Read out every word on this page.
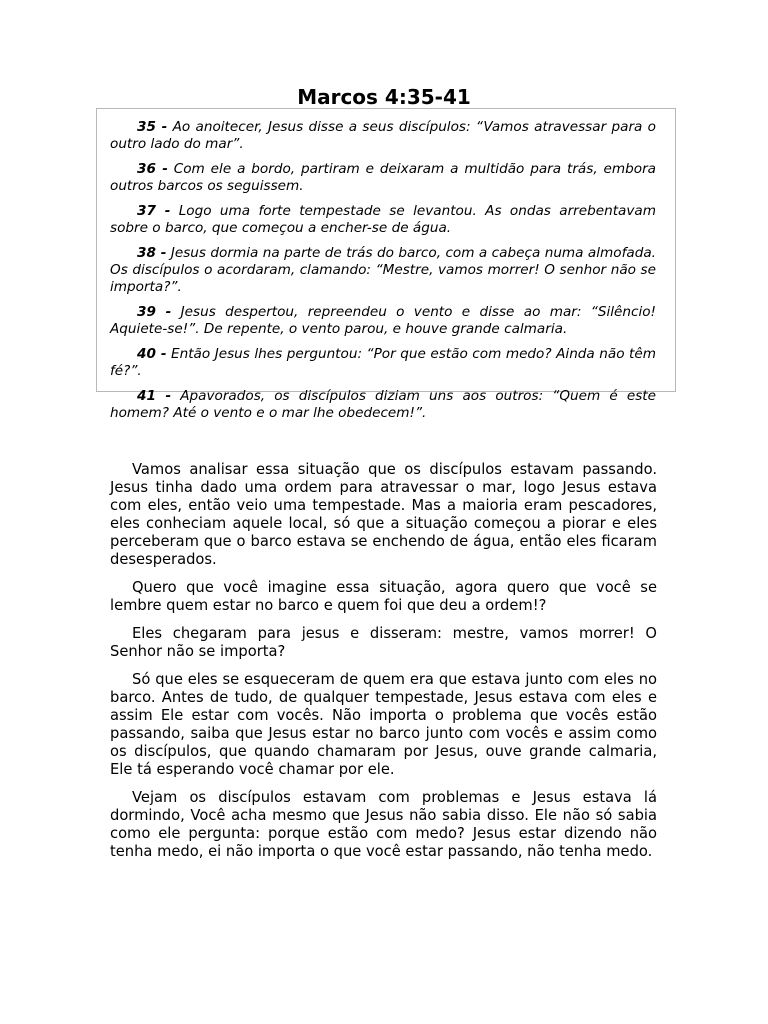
Marcos 4:35-41

35 - Ao anoitecer, Jesus disse a seus discípulos: “Vamos atravessar para o outro lado do mar”.

36 - Com ele a bordo, partiram e deixaram a multidão para trás, embora outros barcos os seguissem.

37 - Logo uma forte tempestade se levantou. As ondas arrebentavam sobre o barco, que começou a encher-se de água.

38 - Jesus dormia na parte de trás do barco, com a cabeça numa almofada. Os discípulos o acordaram, clamando: “Mestre, vamos morrer! O senhor não se importa?”.

39 - Jesus despertou, repreendeu o vento e disse ao mar: “Silêncio! Aquiete-se!”. De repente, o vento parou, e houve grande calmaria.

40 - Então Jesus lhes perguntou: “Por que estão com medo? Ainda não têm fé?”.

41 - Apavorados, os discípulos diziam uns aos outros: “Quem é este homem? Até o vento e o mar lhe obedecem!”.

Vamos analisar essa situação que os discípulos estavam passando. Jesus tinha dado uma ordem para atravessar o mar, logo Jesus estava com eles, então veio uma tempestade. Mas a maioria eram pescadores, eles conheciam aquele local, só que a situação começou a piorar e eles perceberam que o barco estava se enchendo de água, então eles ficaram desesperados.

Quero que você imagine essa situação, agora quero que você se lembre quem estar no barco e quem foi que deu a ordem!?

Eles chegaram para jesus e disseram: mestre, vamos morrer! O Senhor não se importa?

Só que eles se esqueceram de quem era que estava junto com eles no barco. Antes de tudo, de qualquer tempestade, Jesus estava com eles e assim Ele estar com vocês. Não importa o problema que vocês estão passando, saiba que Jesus estar no barco junto com vocês e assim como os discípulos, que quando chamaram por Jesus, ouve grande calmaria, Ele tá esperando você chamar por ele.

Vejam os discípulos estavam com problemas e Jesus estava lá dormindo, Você acha mesmo que Jesus não sabia disso. Ele não só sabia como ele pergunta: porque estão com medo? Jesus estar dizendo não tenha medo, ei não importa o que você estar passando, não tenha medo.
